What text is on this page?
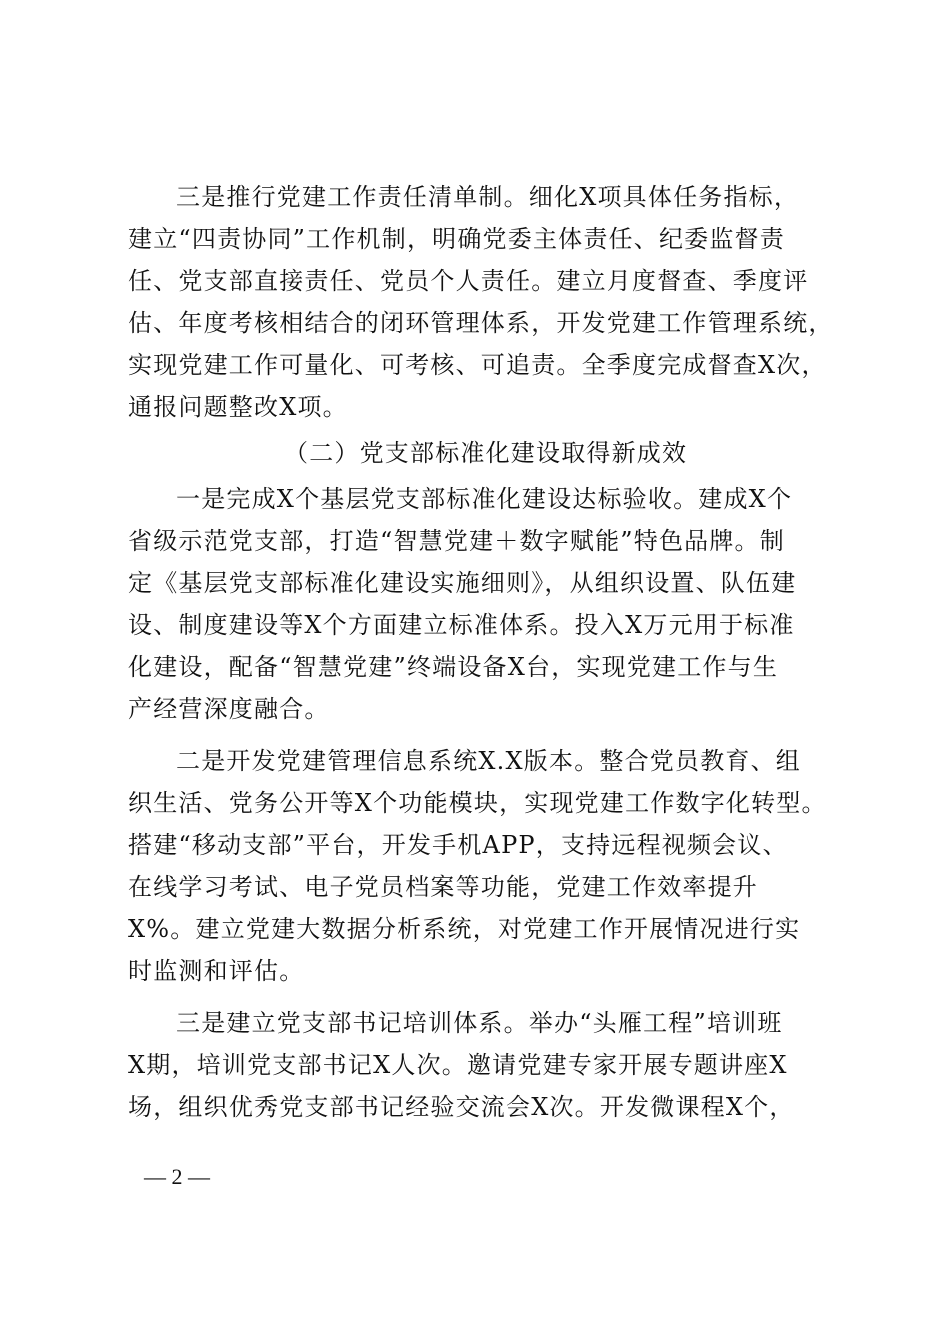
三是推行党建工作责任清单制。细化X项具体任务指标，
建立“四责协同”工作机制，明确党委主体责任、纪委监督责
任、党支部直接责任、党员个人责任。建立月度督查、季度评
估、年度考核相结合的闭环管理体系，开发党建工作管理系统，
实现党建工作可量化、可考核、可追责。全季度完成督查X次，
通报问题整改X项。
（二）党支部标准化建设取得新成效
一是完成X个基层党支部标准化建设达标验收。建成X个
省级示范党支部，打造“智慧党建＋数字赋能”特色品牌。制
定《基层党支部标准化建设实施细则》，从组织设置、队伍建
设、制度建设等X个方面建立标准体系。投入X万元用于标准
化建设，配备“智慧党建”终端设备X台，实现党建工作与生
产经营深度融合。
二是开发党建管理信息系统X.X版本。整合党员教育、组
织生活、党务公开等X个功能模块，实现党建工作数字化转型。
搭建“移动支部”平台，开发手机APP，支持远程视频会议、
在线学习考试、电子党员档案等功能，党建工作效率提升
X%。建立党建大数据分析系统，对党建工作开展情况进行实
时监测和评估。
三是建立党支部书记培训体系。举办“头雁工程”培训班
X期，培训党支部书记X人次。邀请党建专家开展专题讲座X
场，组织优秀党支部书记经验交流会X次。开发微课程X个，
— 2 —
